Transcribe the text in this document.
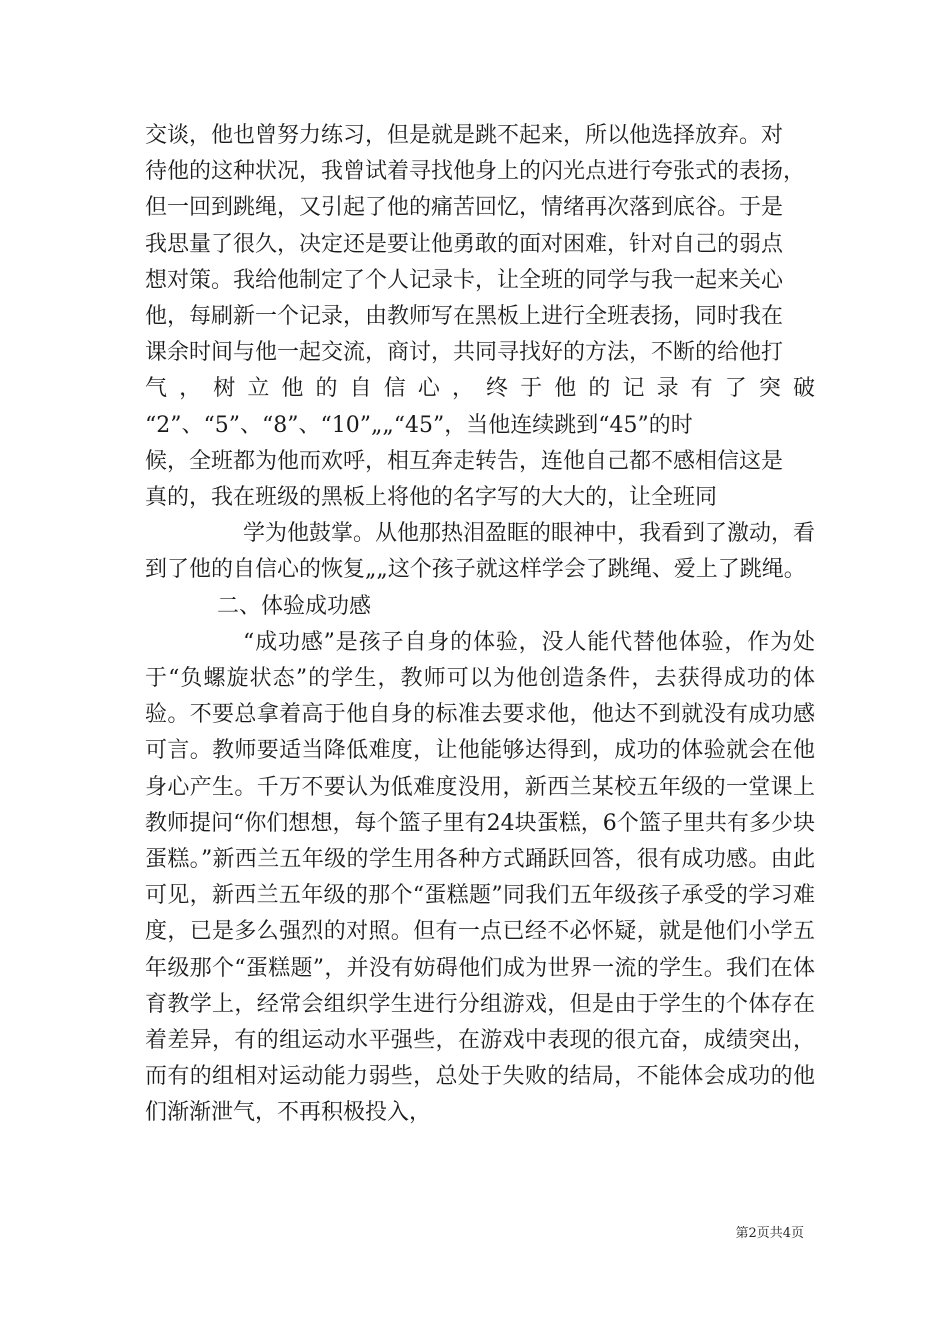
交谈，他也曾努力练习，但是就是跳不起来，所以他选择放弃。对
待他的这种状况，我曾试着寻找他身上的闪光点进行夸张式的表扬，
但一回到跳绳，又引起了他的痛苦回忆，情绪再次落到底谷。于是
我思量了很久，决定还是要让他勇敢的面对困难，针对自己的弱点
想对策。我给他制定了个人记录卡，让全班的同学与我一起来关心
他，每刷新一个记录，由教师写在黑板上进行全班表扬，同时我在
课余时间与他一起交流，商讨，共同寻找好的方法，不断的给他打

气，树立他的自信心，终于他的记录有了突破

“2”、“5”、“8”、“10”„„“45”，当他连续跳到“45”的时
候，全班都为他而欢呼，相互奔走转告，连他自己都不感相信这是
真的，我在班级的黑板上将他的名字写的大大的，让全班同

学为他鼓掌。从他那热泪盈眶的眼神中，我看到了激动，看到了他的自信心的恢复„„这个孩子就这样学会了跳绳、爱上了跳绳。

二、体验成功感

“成功感”是孩子自身的体验，没人能代替他体验，作为处于“负螺旋状态”的学生，教师可以为他创造条件，去获得成功的体验。不要总拿着高于他自身的标准去要求他，他达不到就没有成功感可言。教师要适当降低难度，让他能够达得到，成功的体验就会在他身心产生。千万不要认为低难度没用，新西兰某校五年级的一堂课上教师提问“你们想想，每个篮子里有24块蛋糕，6个篮子里共有多少块蛋糕。”新西兰五年级的学生用各种方式踊跃回答，很有成功感。由此可见，新西兰五年级的那个“蛋糕题”同我们五年级孩子承受的学习难度，已是多么强烈的对照。但有一点已经不必怀疑，就是他们小学五年级那个“蛋糕题”，并没有妨碍他们成为世界一流的学生。我们在体育教学上，经常会组织学生进行分组游戏，但是由于学生的个体存在着差异，有的组运动水平强些，在游戏中表现的很亢奋，成绩突出，而有的组相对运动能力弱些，总处于失败的结局，不能体会成功的他们渐渐泄气，不再积极投入，

第2页共4页
